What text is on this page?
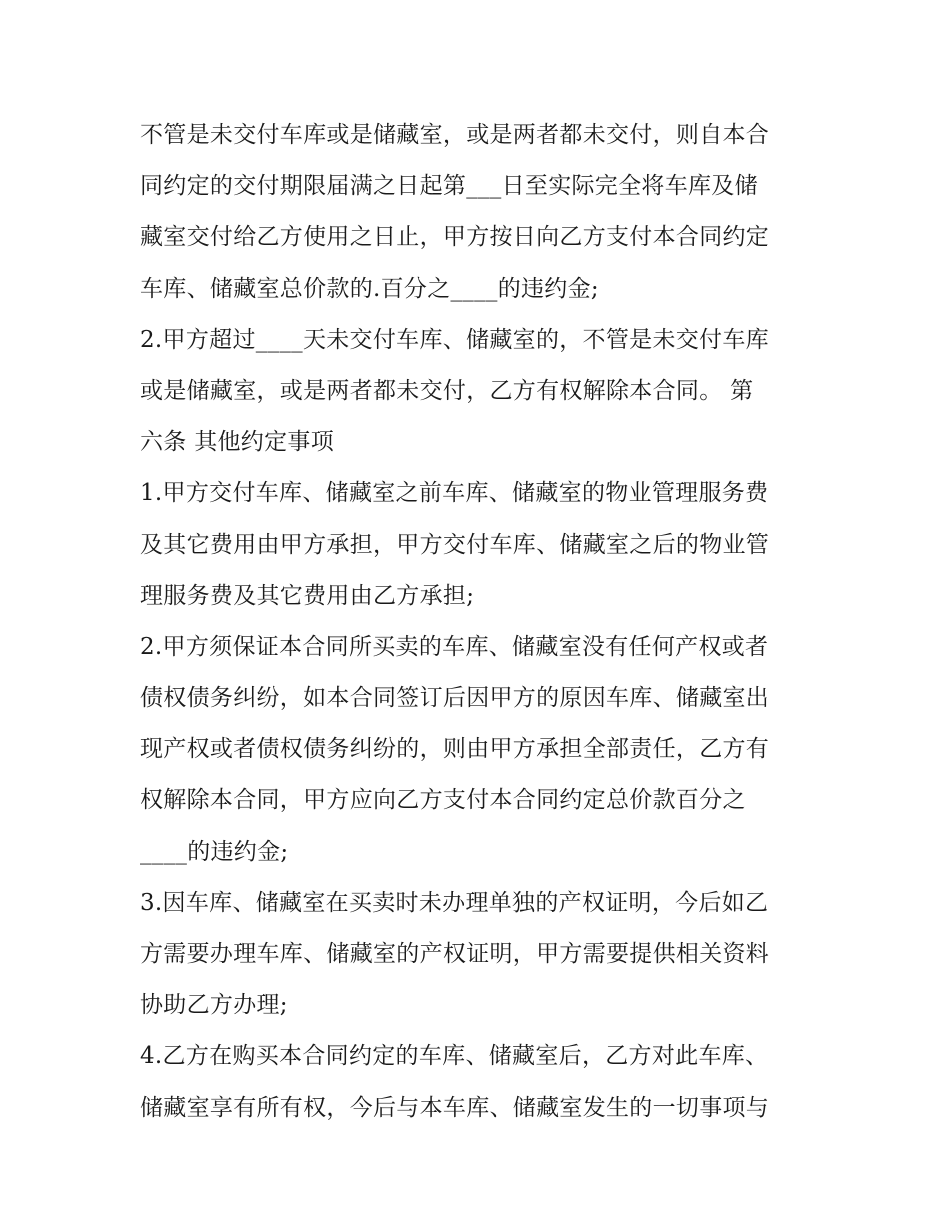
不管是未交付车库或是储藏室，或是两者都未交付，则自本合
同约定的交付期限届满之日起第___日至实际完全将车库及储
藏室交付给乙方使用之日止，甲方按日向乙方支付本合同约定
车库、储藏室总价款的.百分之____的违约金;
2.甲方超过____天未交付车库、储藏室的，不管是未交付车库
或是储藏室，或是两者都未交付，乙方有权解除本合同。 第
六条 其他约定事项
1.甲方交付车库、储藏室之前车库、储藏室的物业管理服务费
及其它费用由甲方承担，甲方交付车库、储藏室之后的物业管
理服务费及其它费用由乙方承担;
2.甲方须保证本合同所买卖的车库、储藏室没有任何产权或者
债权债务纠纷，如本合同签订后因甲方的原因车库、储藏室出
现产权或者债权债务纠纷的，则由甲方承担全部责任，乙方有
权解除本合同，甲方应向乙方支付本合同约定总价款百分之
____的违约金;
3.因车库、储藏室在买卖时未办理单独的产权证明，今后如乙
方需要办理车库、储藏室的产权证明，甲方需要提供相关资料
协助乙方办理;
4.乙方在购买本合同约定的车库、储藏室后，乙方对此车库、
储藏室享有所有权，今后与本车库、储藏室发生的一切事项与
